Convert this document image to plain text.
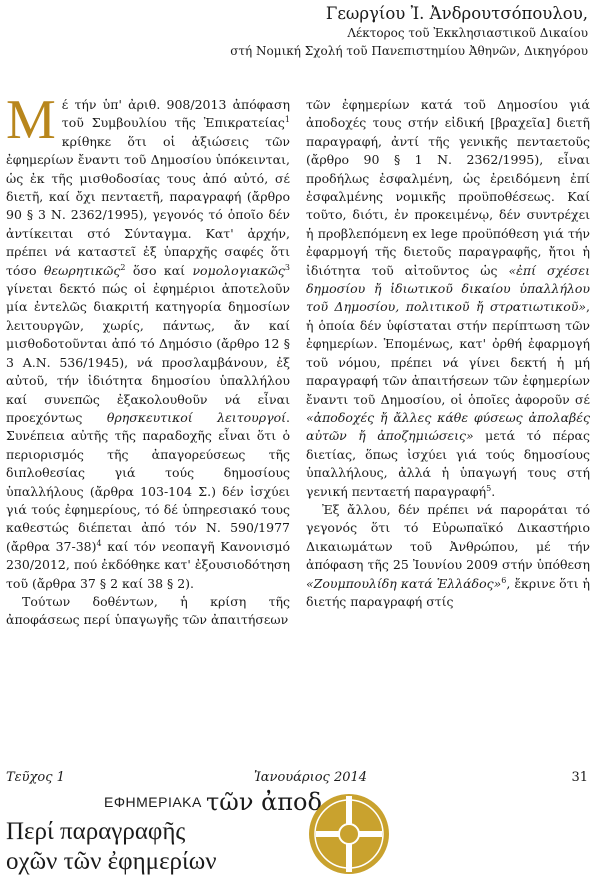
Γεωργίου Ἰ. Ἀνδρουτσόπουλου,
Λέκτορος τοῦ Ἐκκλησιαστικοῦ Δικαίου
στή Νομική Σχολή τοῦ Πανεπιστημίου Ἀθηνῶν, Δικηγόρου

Μέ τήν ὑπ' ἀριθ. 908/2013 ἀπόφαση τοῦ Συμβουλίου τῆς Ἐπικρατείας$^1$ κρίθηκε ὅτι οἱ ἀξιώσεις τῶν ἐφημερίων ἔναντι τοῦ Δημοσίου ὑπόκεινται, ὡς ἐκ τῆς μισθοδοσίας τους ἀπό αὐτό, σέ διετῆ, καί ὄχι πενταετῆ, παραγραφή (ἄρθρο 90 § 3 Ν. 2362/1995), γεγονός τό ὁποῖο δέν ἀντίκειται στό Σύνταγμα. Κατ' ἀρχήν, πρέπει νά καταστεῖ ἐξ ὑπαρχῆς σαφές ὅτι τόσο θεωρητικῶς$^2$ ὅσο καί νομολογιακῶς$^3$ γίνεται δεκτό πώς οἱ ἐφημέριοι ἀποτελοῦν μία ἐντελῶς διακριτή κατηγορία δημοσίων λειτουργῶν, χωρίς, πάντως, ἄν καί μισθοδοτοῦνται ἀπό τό Δημόσιο (ἄρθρο 12 § 3 Α.Ν. 536/1945), νά προσλαμβάνουν, ἐξ αὐτοῦ, τήν ἰδιότητα δημοσίου ὑπαλλήλου καί συνεπῶς ἐξακολουθοῦν νά εἶναι προεχόντως θρησκευτικοί λειτουργοί. Συνέπεια αὐτῆς τῆς παραδοχῆς εἶναι ὅτι ὁ περιορισμός τῆς ἀπαγορεύσεως τῆς διπλοθεσίας γιά τούς δημοσίους ὑπαλλήλους (ἄρθρα 103-104 Σ.) δέν ἰσχύει γιά τούς ἐφημερίους, τό δέ ὑπηρεσιακό τους καθεστώς διέπεται ἀπό τόν Ν. 590/1977 (ἄρθρα 37-38)$^4$ καί τόν νεοπαγῆ Κανονισμό 230/2012, πού ἐκδόθηκε κατ' ἐξουσιοδότηση τοῦ (ἄρθρα 37 § 2 καί 38 § 2).

Τούτων δοθέντων, ἡ κρίση τῆς ἀποφάσεως περί ὑπαγωγῆς τῶν ἀπαιτήσεων

τῶν ἐφημερίων κατά τοῦ Δημοσίου γιά ἀποδοχές τους στήν εἰδική [βραχεῖα] διετῆ παραγραφή, ἀντί τῆς γενικῆς πενταετοῦς (ἄρθρο 90 § 1 Ν. 2362/1995), εἶναι προδήλως ἐσφαλμένη, ὡς ἐρειδόμενη ἐπί ἐσφαλμένης νομικῆς προϋποθέσεως. Καί τοῦτο, διότι, ἐν προκειμένῳ, δέν συντρέχει ἡ προβλεπόμενη ex lege προϋπόθεση γιά τήν ἐφαρμογή τῆς διετοῦς παραγραφῆς, ἤτοι ἡ ἰδιότητα τοῦ αἰτοῦντος ὡς «ἐπί σχέσει δημοσίου ἤ ἰδιωτικοῦ δικαίου ὑπαλλήλου τοῦ Δημοσίου, πολιτικοῦ ἤ στρατιωτικοῦ», ἡ ὁποία δέν ὑφίσταται στήν περίπτωση τῶν ἐφημερίων. Ἑπομένως, κατ' ὀρθή ἐφαρμογή τοῦ νόμου, πρέπει νά γίνει δεκτή ἡ μή παραγραφή τῶν ἀπαιτήσεων τῶν ἐφημερίων ἔναντι τοῦ Δημοσίου, οἱ ὁποῖες ἀφοροῦν σέ «ἀποδοχές ἤ ἄλλες κάθε φύσεως ἀπολαβές αὐτῶν ἤ ἀποζημιώσεις» μετά τό πέρας διετίας, ὅπως ἰσχύει γιά τούς δημοσίους ὑπαλλήλους, ἀλλά ἡ ὑπαγωγή τους στή γενική πενταετή παραγραφή$^5$.

Ἐξ ἄλλου, δέν πρέπει νά παροράται τό γεγονός ὅτι τό Εὐρωπαϊκό Δικαστήριο Δικαιωμάτων τοῦ Ἀνθρώπου, μέ τήν ἀπόφαση τῆς 25 Ἰουνίου 2009 στήν ὑπόθεση «Ζουμπουλίδη κατά Ἑλλάδος»$^6$, ἔκρινε ὅτι ἡ διετής παραγραφή στίς

Τεῦχος 1	Ἰανουάριος 2014	31
ΕΦΗΜΕΡΙΑΚΑ τῶν ἀποδ
Περί παραγραφῆς
οχῶν τῶν ἐφημερίων
